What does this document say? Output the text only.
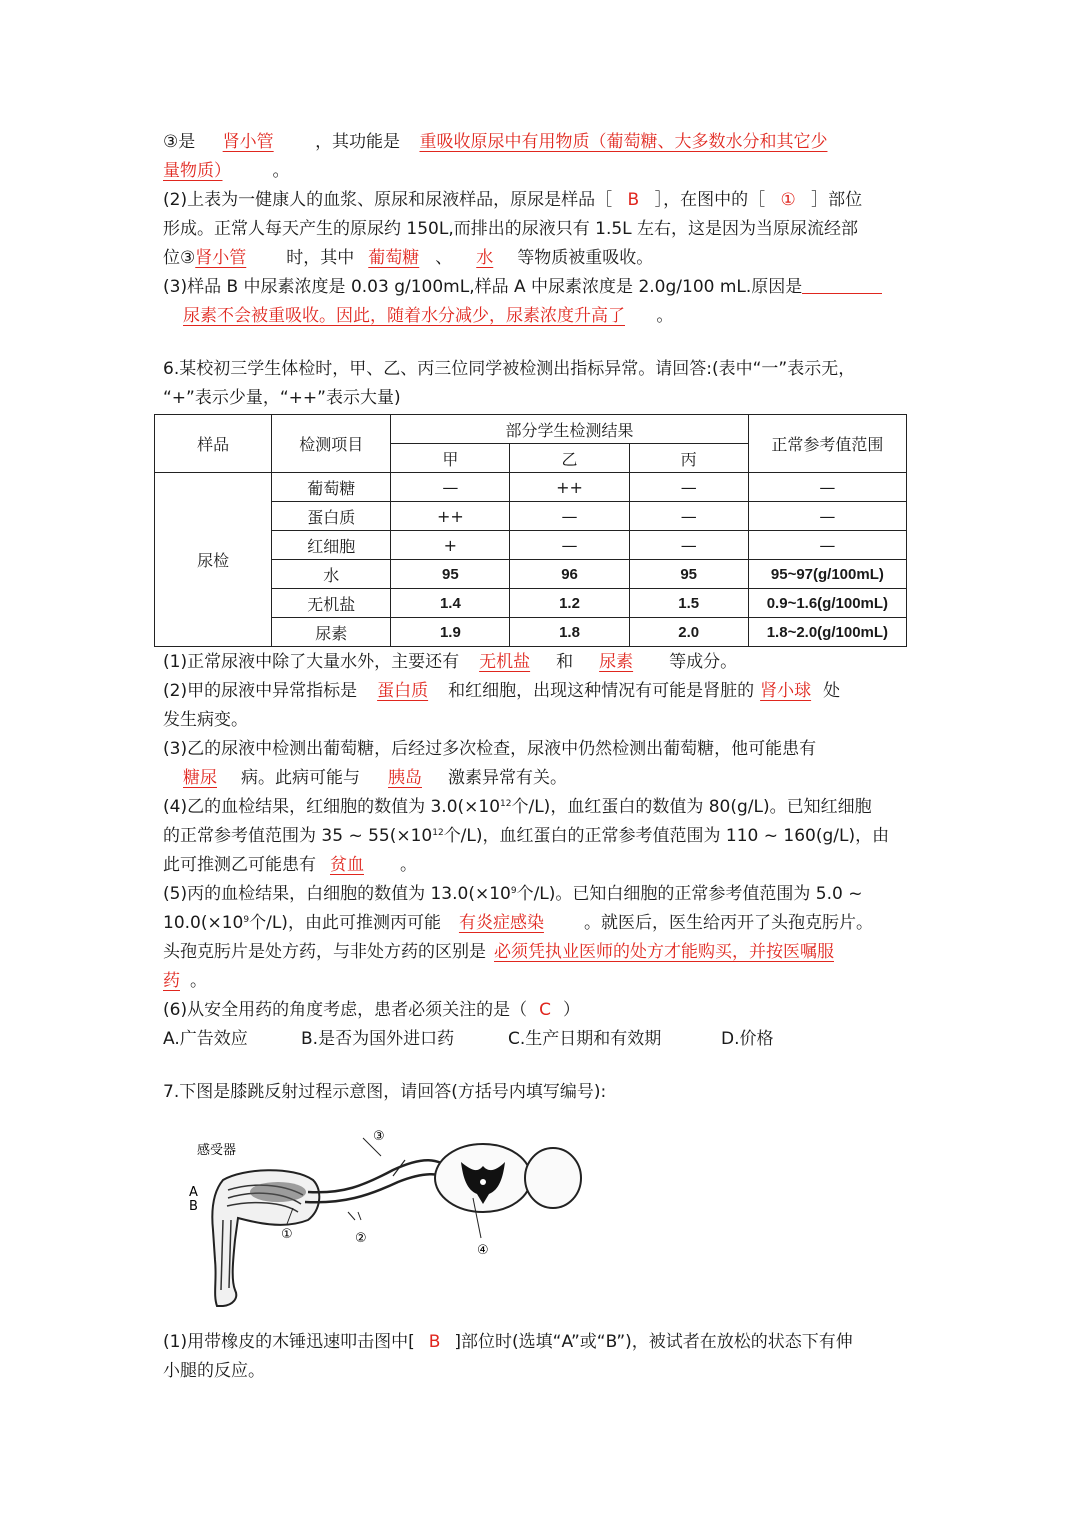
③是 肾小管 ，其功能是 重吸收原尿中有用物质（葡萄糖、大多数水分和其它少
量物质）	。
(2)上表为一健康人的血浆、原尿和尿液样品，原尿是样品［ B ］，在图中的［ ① ］部位
形成。正常人每天产生的原尿约 150L,而排出的尿液只有 1.5L 左右，这是因为当原尿流经部
位③肾小管 时，其中 葡萄糖 、 水 等物质被重吸收。
(3)样品 B 中尿素浓度是 0.03 g/100mL,样品 A 中尿素浓度是 2.0g/100 mL.原因是
尿素不会被重吸收。因此，随着水分减少，尿素浓度升高了 。
6.某校初三学生体检时，甲、乙、丙三位同学被检测出指标异常。请回答:(表中“一”表示无，
“+”表示少量，“++”表示大量)
样品	检测项目	部分学生检测结果			正常参考值范围
		甲	乙	丙	
尿检	葡萄糖	—	++	—	—
	蛋白质	++	—	—	—
	红细胞	+	—	—	—
	水	95	96	95	95~97(g/100mL)
	无机盐	1.4	1.2	1.5	0.9~1.6(g/100mL)
	尿素	1.9	1.8	2.0	1.8~2.0(g/100mL)
(1)正常尿液中除了大量水外，主要还有 无机盐 和 尿素 等成分。
(2)甲的尿液中异常指标是 蛋白质 和红细胞，出现这种情况有可能是肾脏的 肾小球 处
发生病变。
(3)乙的尿液中检测出葡萄糖，后经过多次检查，尿液中仍然检测出葡萄糖，他可能患有
糖尿 病。此病可能与 胰岛 激素异常有关。
(4)乙的血检结果，红细胞的数值为 $3.0(\times 10^{12}$个/L)，血红蛋白的数值为 80(g/L)。已知红细胞
的正常参考值范围为 35 ~ $55(\times 10^{12}$个/L)，血红蛋白的正常参考值范围为 110 ~ 160(g/L)，由
此可推测乙可能患有 贫血 。
(5)丙的血检结果，白细胞的数值为 $13.0(\times 10^9$个/L)。已知白细胞的正常参考值范围为 5.0 ~
$10.0(\times 10^9$个/L)，由此可推测丙可能 有炎症感染 。就医后，医生给丙开了头孢克肟片。
头孢克肟片是处方药，与非处方药的区别是 必须凭执业医师的处方才能购买，并按医嘱服
药 。
(6)从安全用药的角度考虑，患者必须关注的是（ C ）
A.广告效应	B.是否为国外进口药	C.生产日期和有效期	D.价格
7.下图是膝跳反射过程示意图，请回答(方括号内填写编号):
感受器
A
B
①	②
③
④
(1)用带橡皮的木锤迅速叩击图中[ B ]部位时(选填“A”或“B”)，被试者在放松的状态下有伸
小腿的反应。
